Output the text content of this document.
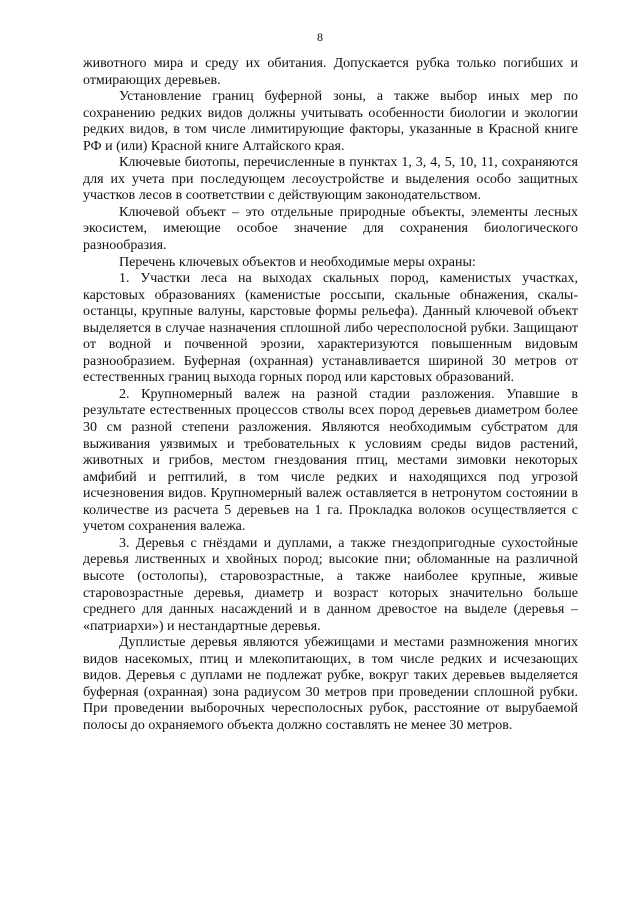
8

животного мира и среду их обитания. Допускается рубка только погибших и отмирающих деревьев.

Установление границ буферной зоны, а также выбор иных мер по сохранению редких видов должны учитывать особенности биологии и экологии редких видов, в том числе лимитирующие факторы, указанные в Красной книге РФ и (или) Красной книге Алтайского края.

Ключевые биотопы, перечисленные в пунктах 1, 3, 4, 5, 10, 11, сохраняются для их учета при последующем лесоустройстве и выделения особо защитных участков лесов в соответствии с действующим законодательством.

Ключевой объект – это отдельные природные объекты, элементы лесных экосистем, имеющие особое значение для сохранения биологического разнообразия.

Перечень ключевых объектов и необходимые меры охраны:

1. Участки леса на выходах скальных пород, каменистых участках, карстовых образованиях (каменистые россыпи, скальные обнажения, скалы-останцы, крупные валуны, карстовые формы рельефа). Данный ключевой объект выделяется в случае назначения сплошной либо чересполосной рубки. Защищают от водной и почвенной эрозии, характеризуются повышенным видовым разнообразием. Буферная (охранная) устанавливается шириной 30 метров от естественных границ выхода горных пород или карстовых образований.

2. Крупномерный валеж на разной стадии разложения. Упавшие в результате естественных процессов стволы всех пород деревьев диаметром более 30 см разной степени разложения. Являются необходимым субстратом для выживания уязвимых и требовательных к условиям среды видов растений, животных и грибов, местом гнездования птиц, местами зимовки некоторых амфибий и рептилий, в том числе редких и находящихся под угрозой исчезновения видов. Крупномерный валеж оставляется в нетронутом состоянии в количестве из расчета 5 деревьев на 1 га. Прокладка волоков осуществляется с учетом сохранения валежа.

3. Деревья с гнёздами и дуплами, а также гнездопригодные сухостойные деревья лиственных и хвойных пород; высокие пни; обломанные на различной высоте (остолопы), старовозрастные, а также наиболее крупные, живые старовозрастные деревья, диаметр и возраст которых значительно больше среднего для данных насаждений и в данном древостое на выделе (деревья – «патриархи») и нестандартные деревья.

Дуплистые деревья являются убежищами и местами размножения многих видов насекомых, птиц и млекопитающих, в том числе редких и исчезающих видов. Деревья с дуплами не подлежат рубке, вокруг таких деревьев выделяется буферная (охранная) зона радиусом 30 метров при проведении сплошной рубки. При проведении выборочных чересполосных рубок, расстояние от вырубаемой полосы до охраняемого объекта должно составлять не менее 30 метров.
